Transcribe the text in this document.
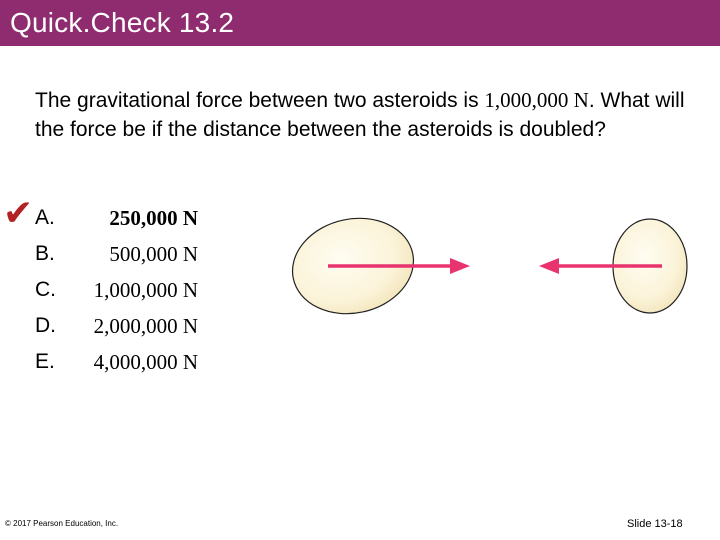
Quick.Check 13.2
The gravitational force between two asteroids is 1,000,000 N. What will the force be if the distance between the asteroids is doubled?
✔ A.	250,000 N
B.	500,000 N
C. 1,000,000 N
D. 2,000,000 N
E. 4,000,000 N
© 2017 Pearson Education, Inc.	Slide 13-18
